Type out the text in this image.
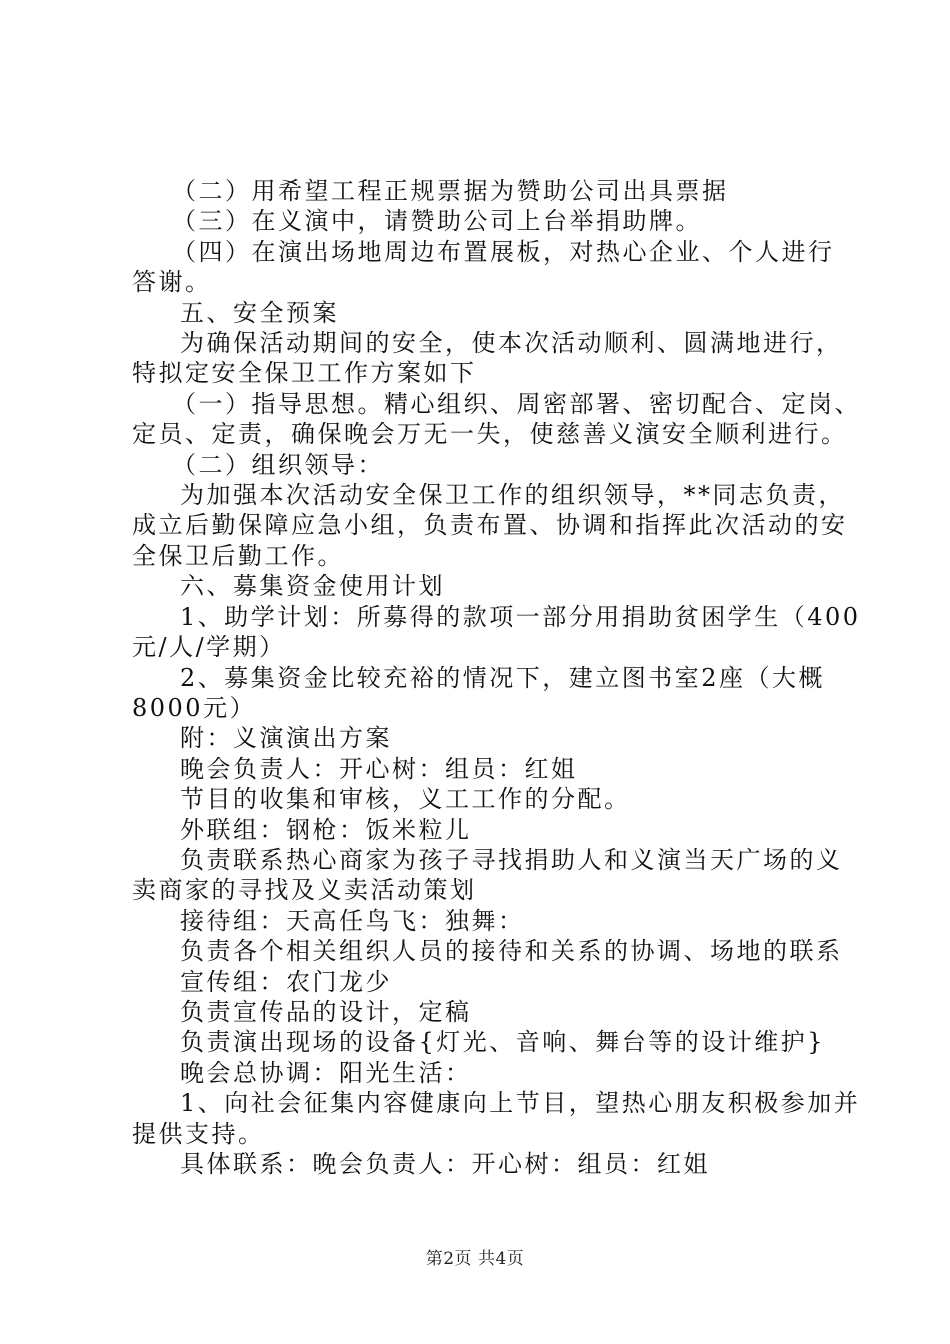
（二）用希望工程正规票据为赞助公司出具票据
（三）在义演中，请赞助公司上台举捐助牌。
（四）在演出场地周边布置展板，对热心企业、个人进行
答谢。
五、安全预案
为确保活动期间的安全，使本次活动顺利、圆满地进行，
特拟定安全保卫工作方案如下
（一）指导思想。精心组织、周密部署、密切配合、定岗、
定员、定责，确保晚会万无一失，使慈善义演安全顺利进行。
（二）组织领导：
为加强本次活动安全保卫工作的组织领导，**同志负责，
成立后勤保障应急小组，负责布置、协调和指挥此次活动的安
全保卫后勤工作。
六、募集资金使用计划
1、助学计划：所募得的款项一部分用捐助贫困学生（400
元/人/学期）
2、募集资金比较充裕的情况下，建立图书室2座（大概
8000元）
附：义演演出方案
晚会负责人：开心树：组员：红姐
节目的收集和审核，义工工作的分配。
外联组：钢枪：饭米粒儿
负责联系热心商家为孩子寻找捐助人和义演当天广场的义
卖商家的寻找及义卖活动策划
接待组：天高任鸟飞：独舞：
负责各个相关组织人员的接待和关系的协调、场地的联系
宣传组：农门龙少
负责宣传品的设计，定稿
负责演出现场的设备{灯光、音响、舞台等的设计维护}
晚会总协调：阳光生活：
1、向社会征集内容健康向上节目，望热心朋友积极参加并
提供支持。
具体联系：晚会负责人：开心树：组员：红姐
第2页 共4页
